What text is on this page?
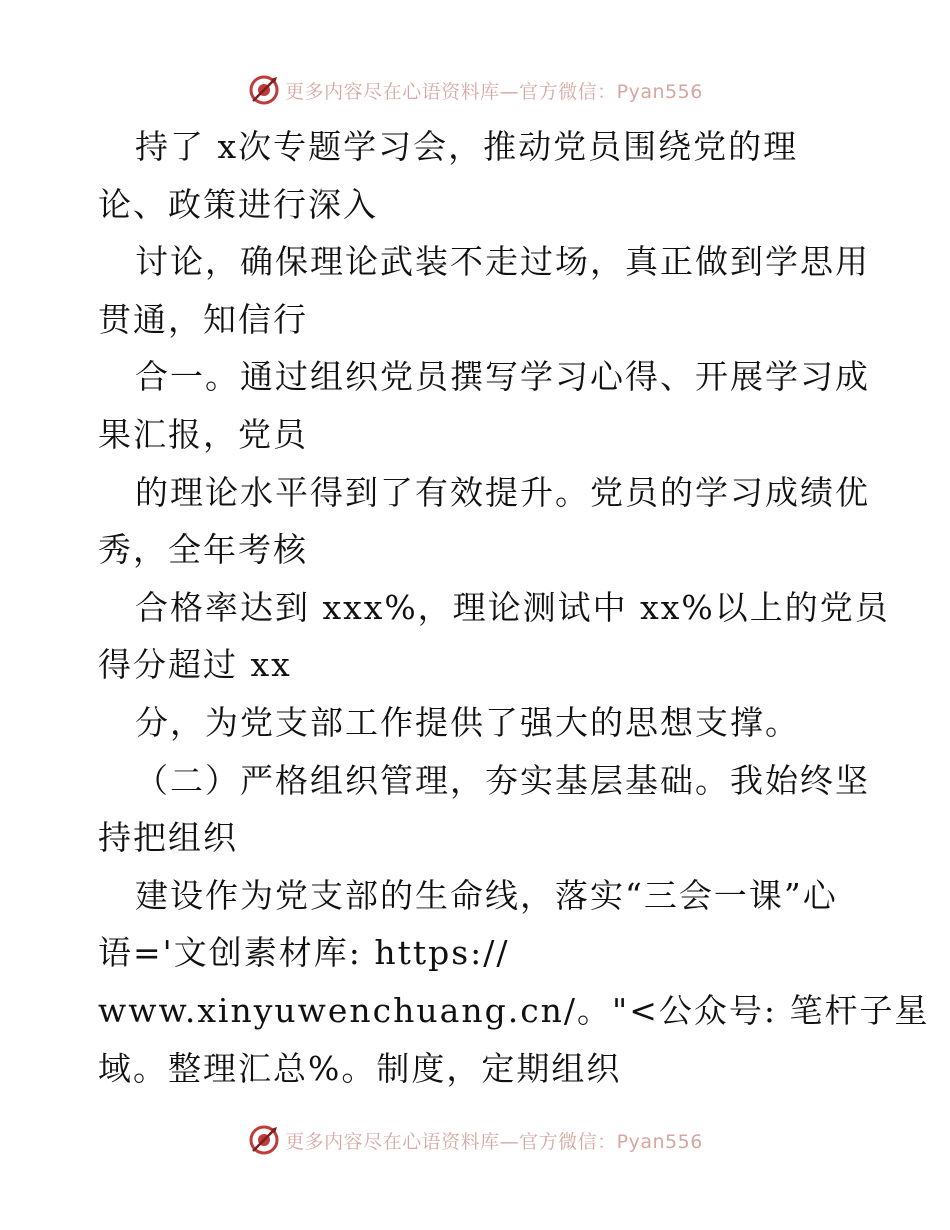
更多内容尽在心语资料库—官方微信：Pyan556
持了 x次专题学习会，推动党员围绕党的理
论、政策进行深入
讨论，确保理论武装不走过场，真正做到学思用
贯通，知信行
合一。通过组织党员撰写学习心得、开展学习成
果汇报，党员
的理论水平得到了有效提升。党员的学习成绩优
秀，全年考核
合格率达到 xxx%，理论测试中 xx%以上的党员
得分超过 xx
分，为党支部工作提供了强大的思想支撑。
（二）严格组织管理，夯实基层基础。我始终坚
持把组织
建设作为党支部的生命线，落实“三会一课”心
语='文创素材库: https://
www.xinyuwenchuang.cn/。"<公众号: 笔杆子星
域。整理汇总%。制度，定期组织
更多内容尽在心语资料库—官方微信：Pyan556
